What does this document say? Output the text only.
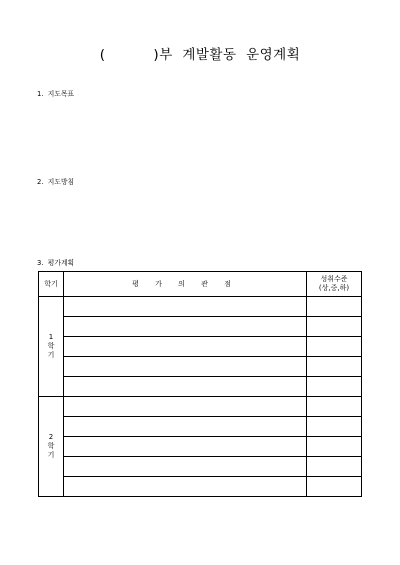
(          )부  계발활동  운영계획
1.  지도목표
2.  지도방침
3.  평가계획
학기	평 가 의 관 점	성취수준
(상,중,하)

1
학
기		

2
학
기		
